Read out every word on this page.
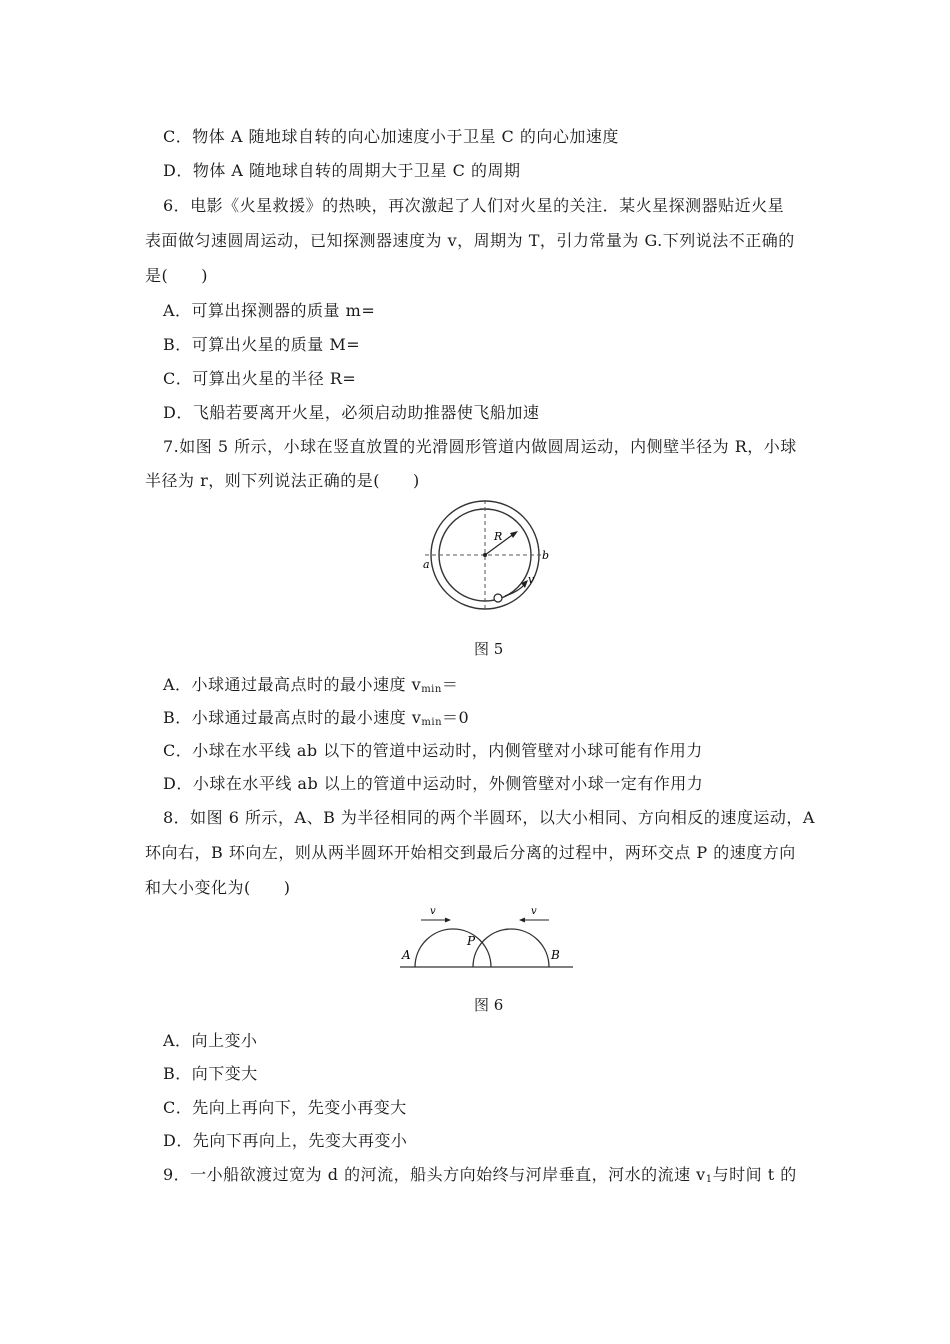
C．物体 A 随地球自转的向心加速度小于卫星 C 的向心加速度
D．物体 A 随地球自转的周期大于卫星 C 的周期
6．电影《火星救援》的热映，再次激起了人们对火星的关注．某火星探测器贴近火星
表面做匀速圆周运动，已知探测器速度为 v，周期为 T，引力常量为 G.下列说法不正确的
是(　　)
A．可算出探测器的质量 m=
B．可算出火星的质量 M=
C．可算出火星的半径 R=
D．飞船若要离开火星，必须启动助推器使飞船加速
7.如图 5 所示，小球在竖直放置的光滑圆形管道内做圆周运动，内侧壁半径为 R，小球
半径为 r，则下列说法正确的是(　　)
R
a
b
v
图 5
A．小球通过最高点时的最小速度 $v_{min}=$
B．小球通过最高点时的最小速度 $v_{min}=0$
C．小球在水平线 ab 以下的管道中运动时，内侧管壁对小球可能有作用力
D．小球在水平线 ab 以上的管道中运动时，外侧管壁对小球一定有作用力
8．如图 6 所示，A、B 为半径相同的两个半圆环，以大小相同、方向相反的速度运动，A
环向右，B 环向左，则从两半圆环开始相交到最后分离的过程中，两环交点 P 的速度方向
和大小变化为(　　)
A	B
P
v	v
图 6
A．向上变小
B．向下变大
C．先向上再向下，先变小再变大
D．先向下再向上，先变大再变小
9．一小船欲渡过宽为 d 的河流，船头方向始终与河岸垂直，河水的流速 $v_1$与时间 t 的
